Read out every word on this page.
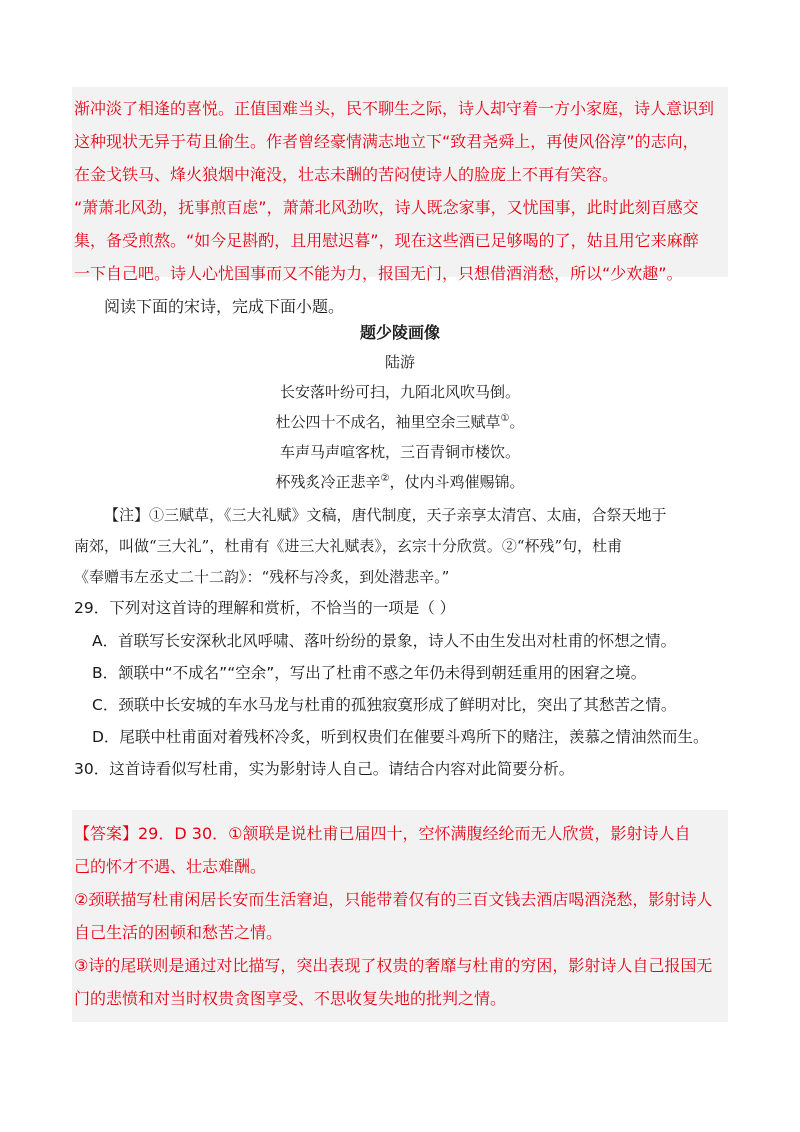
渐冲淡了相逢的喜悦。正值国难当头，民不聊生之际，诗人却守着一方小家庭，诗人意识到
这种现状无异于苟且偷生。作者曾经豪情满志地立下“致君尧舜上，再使风俗淳”的志向，
在金戈铁马、烽火狼烟中淹没，壮志未酬的苦闷使诗人的脸庞上不再有笑容。
“萧萧北风劲，抚事煎百虑”，萧萧北风劲吹，诗人既念家事，又忧国事，此时此刻百感交
集，备受煎熬。“如今足斟酌，且用慰迟暮”，现在这些酒已足够喝的了，姑且用它来麻醉
一下自己吧。诗人心忧国事而又不能为力，报国无门，只想借酒消愁，所以“少欢趣”。
阅读下面的宋诗，完成下面小题。
题少陵画像
陆游
长安落叶纷可扫，九陌北风吹马倒。
杜公四十不成名，袖里空余三赋草①。
车声马声喧客枕，三百青铜市楼饮。
杯残炙冷正悲辛②，仗内斗鸡催赐锦。
【注】①三赋草，《三大礼赋》文稿，唐代制度，天子亲享太清宫、太庙，合祭天地于
南郊，叫做“三大礼”，杜甫有《进三大礼赋表》，玄宗十分欣赏。②“杯残”句，杜甫
《奉赠韦左丞丈二十二韵》：“残杯与冷炙，到处潜悲辛。”
29．下列对这首诗的理解和赏析，不恰当的一项是（ ）
A．首联写长安深秋北风呼啸、落叶纷纷的景象，诗人不由生发出对杜甫的怀想之情。
B．颔联中“不成名”“空余”，写出了杜甫不惑之年仍未得到朝廷重用的困窘之境。
C．颈联中长安城的车水马龙与杜甫的孤独寂寞形成了鲜明对比，突出了其愁苦之情。
D．尾联中杜甫面对着残杯冷炙，听到权贵们在催要斗鸡所下的赌注，羡慕之情油然而生。
30．这首诗看似写杜甫，实为影射诗人自己。请结合内容对此简要分析。
【答案】29．D 30．①颔联是说杜甫已届四十，空怀满腹经纶而无人欣赏，影射诗人自
己的怀才不遇、壮志难酬。
②颈联描写杜甫闲居长安而生活窘迫，只能带着仅有的三百文钱去酒店喝酒浇愁，影射诗人
自己生活的困顿和愁苦之情。
③诗的尾联则是通过对比描写，突出表现了权贵的奢靡与杜甫的穷困，影射诗人自己报国无
门的悲愤和对当时权贵贪图享受、不思收复失地的批判之情。
